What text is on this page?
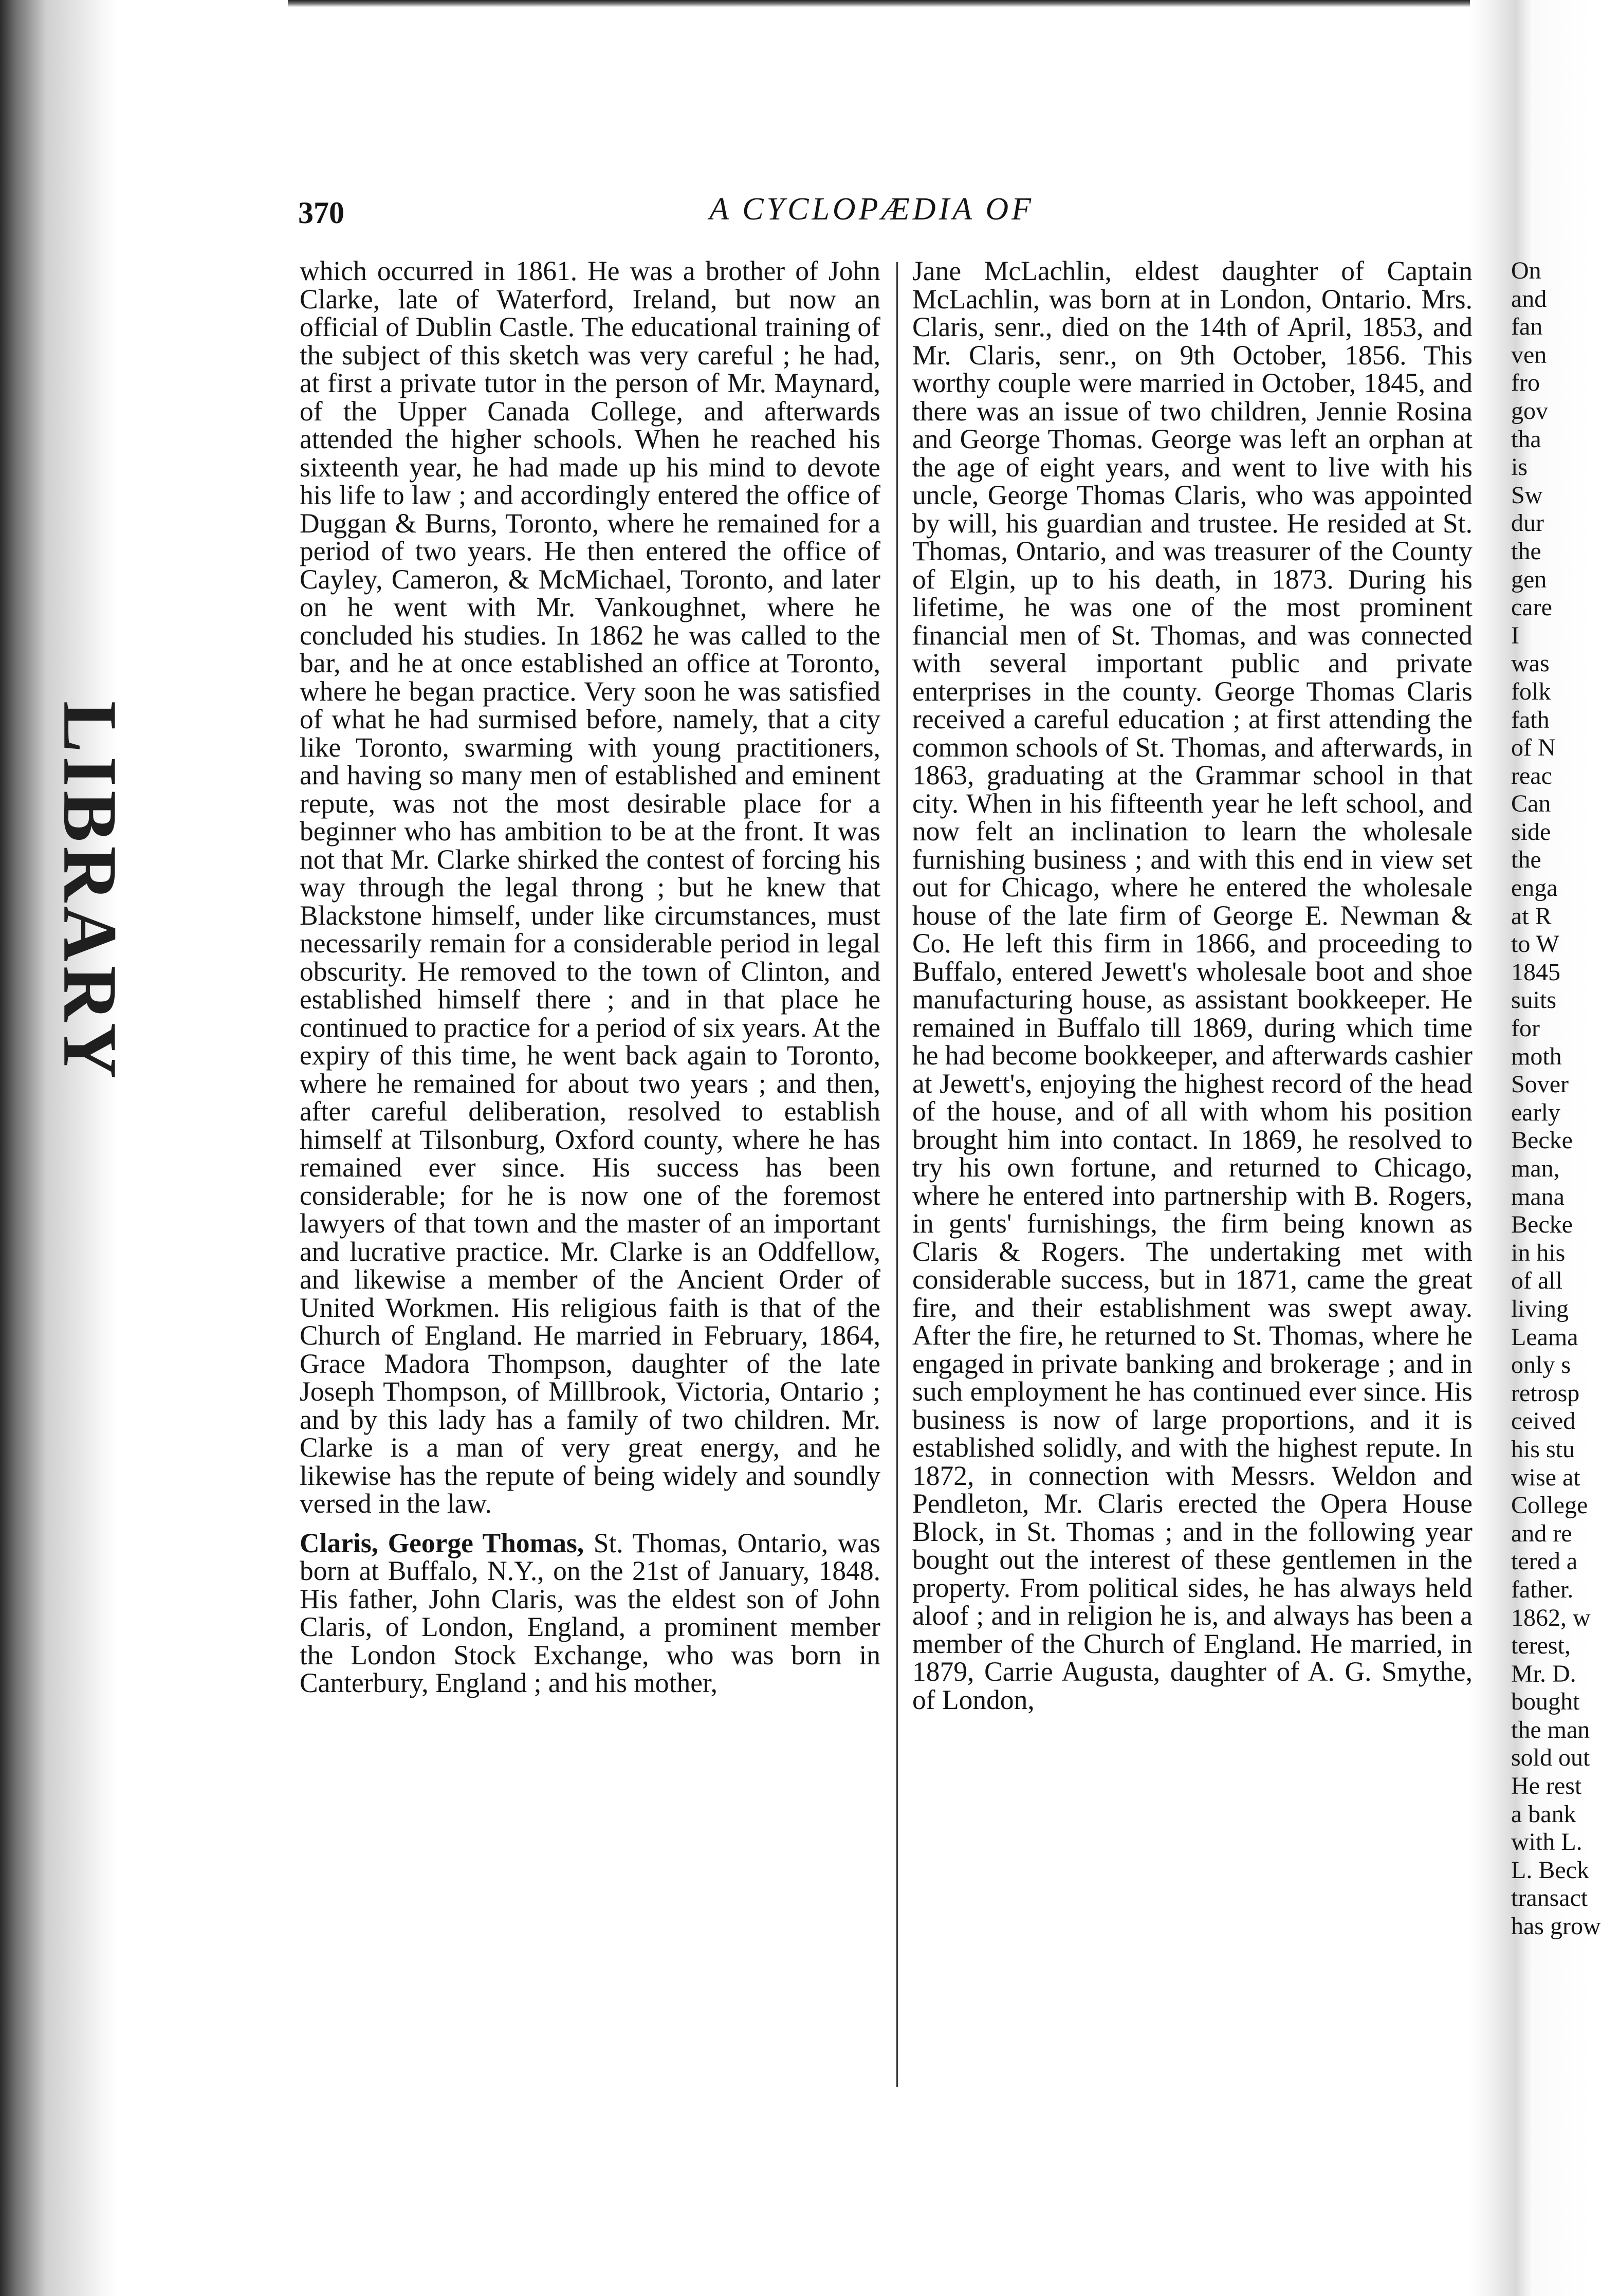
LIBRARY
370	A CYCLOPÆDIA OF

which occurred in 1861. He was a brother of John Clarke, late of Waterford, Ireland, but now an official of Dublin Castle. The educational training of the subject of this sketch was very careful ; he had, at first a private tutor in the person of Mr. Maynard, of the Upper Canada College, and afterwards attended the higher schools. When he reached his sixteenth year, he had made up his mind to devote his life to law ; and accordingly entered the office of Duggan & Burns, Toronto, where he remained for a period of two years. He then entered the office of Cayley, Cameron, & McMichael, Toronto, and later on he went with Mr. Vankoughnet, where he concluded his studies. In 1862 he was called to the bar, and he at once established an office at Toronto, where he began practice. Very soon he was satisfied of what he had surmised before, namely, that a city like Toronto, swarming with young practitioners, and having so many men of established and eminent repute, was not the most desirable place for a beginner who has ambition to be at the front. It was not that Mr. Clarke shirked the contest of forcing his way through the legal throng ; but he knew that Blackstone himself, under like circumstances, must necessarily remain for a considerable period in legal obscurity. He removed to the town of Clinton, and established himself there ; and in that place he continued to practice for a period of six years. At the expiry of this time, he went back again to Toronto, where he remained for about two years ; and then, after careful deliberation, resolved to establish himself at Tilsonburg, Oxford county, where he has remained ever since. His success has been considerable; for he is now one of the foremost lawyers of that town and the master of an important and lucrative practice. Mr. Clarke is an Oddfellow, and likewise a member of the Ancient Order of United Workmen. His religious faith is that of the Church of England. He married in February, 1864, Grace Madora Thompson, daughter of the late Joseph Thompson, of Millbrook, Victoria, Ontario ; and by this lady has a family of two children. Mr. Clarke is a man of very great energy, and he likewise has the repute of being widely and soundly versed in the law.

Claris, George Thomas, St. Thomas, Ontario, was born at Buffalo, N.Y., on the 21st of January, 1848. His father, John Claris, was the eldest son of John Claris, of London, England, a prominent member the London Stock Exchange, who was born in Canterbury, England ; and his mother,

Jane McLachlin, eldest daughter of Captain McLachlin, was born at in London, Ontario. Mrs. Claris, senr., died on the 14th of April, 1853, and Mr. Claris, senr., on 9th October, 1856. This worthy couple were married in October, 1845, and there was an issue of two children, Jennie Rosina and George Thomas. George was left an orphan at the age of eight years, and went to live with his uncle, George Thomas Claris, who was appointed by will, his guardian and trustee. He resided at St. Thomas, Ontario, and was treasurer of the County of Elgin, up to his death, in 1873. During his lifetime, he was one of the most prominent financial men of St. Thomas, and was connected with several important public and private enterprises in the county. George Thomas Claris received a careful education ; at first attending the common schools of St. Thomas, and afterwards, in 1863, graduating at the Grammar school in that city. When in his fifteenth year he left school, and now felt an inclination to learn the wholesale furnishing business ; and with this end in view set out for Chicago, where he entered the wholesale house of the late firm of George E. Newman & Co. He left this firm in 1866, and proceeding to Buffalo, entered Jewett's wholesale boot and shoe manufacturing house, as assistant bookkeeper. He remained in Buffalo till 1869, during which time he had become bookkeeper, and afterwards cashier at Jewett's, enjoying the highest record of the head of the house, and of all with whom his position brought him into contact. In 1869, he resolved to try his own fortune, and returned to Chicago, where he entered into partnership with B. Rogers, in gents' furnishings, the firm being known as Claris & Rogers. The undertaking met with considerable success, but in 1871, came the great fire, and their establishment was swept away. After the fire, he returned to St. Thomas, where he engaged in private banking and brokerage ; and in such employment he has continued ever since. His business is now of large proportions, and it is established solidly, and with the highest repute. In 1872, in connection with Messrs. Weldon and Pendleton, Mr. Claris erected the Opera House Block, in St. Thomas ; and in the following year bought out the interest of these gentlemen in the property. From political sides, he has always held aloof ; and in religion he is, and always has been a member of the Church of England. He married, in 1879, Carrie Augusta, daughter of A. G. Smythe, of London,

On
and
fan
ven
fro
gov
tha
is
Sw
dur
the
gen
care
I
was
folk
fath
of N
reac
Can
side
the
enga
at R
to W
1845
suits
for
moth
Sover
early
Becke
man,
mana
Becke
in his
of all
living
Leama
only s
retrosp
ceived
his stu
wise at
College
and re
tered a
father.
1862, w
terest,
Mr. D.
bought
the man
sold out
He rest
a bank
with L.
L. Beck
transact
has grow
